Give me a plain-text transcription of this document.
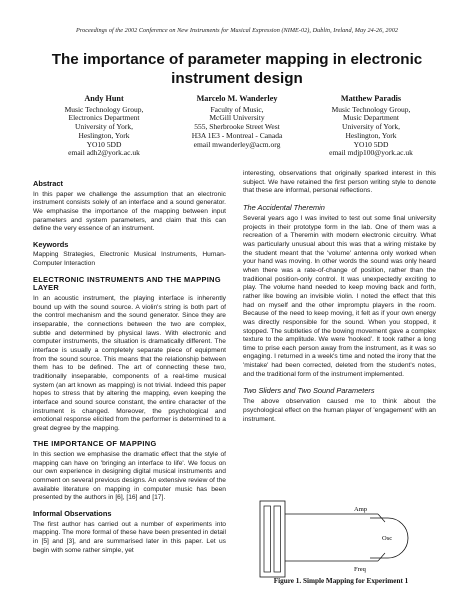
Proceedings of the 2002 Conference on New Instruments for Musical Expression (NIME-02), Dublin, Ireland, May 24-26, 2002
The importance of parameter mapping in electronic instrument design
Andy Hunt
Music Technology Group,
Electronics Department
University of York,
Heslington, York
YO10 5DD
email adh2@york.ac.uk
Marcelo M. Wanderley
Faculty of Music,
McGill University
555, Sherbrooke Street West
H3A 1E3 - Montreal - Canada
email mwanderley@acm.org
Matthew Paradis
Music Technology Group,
Music Department
University of York,
Heslington, York
YO10 5DD
email mdjp100@york.ac.uk
Abstract
In this paper we challenge the assumption that an electronic instrument consists solely of an interface and a sound generator. We emphasise the importance of the mapping between input parameters and system parameters, and claim that this can define the very essence of an instrument.
Keywords
Mapping Strategies, Electronic Musical Instruments, Human-Computer Interaction
ELECTRONIC INSTRUMENTS AND THE MAPPING LAYER
In an acoustic instrument, the playing interface is inherently bound up with the sound source. A violin's string is both part of the control mechanism and the sound generator. Since they are inseparable, the connections between the two are complex, subtle and determined by physical laws. With electronic and computer instruments, the situation is dramatically different. The interface is usually a completely separate piece of equipment from the sound source. This means that the relationship between them has to be defined. The art of connecting these two, traditionally inseparable, components of a real-time musical system (an art known as mapping) is not trivial. Indeed this paper hopes to stress that by altering the mapping, even keeping the interface and sound source constant, the entire character of the instrument is changed. Moreover, the psychological and emotional response elicited from the performer is determined to a great degree by the mapping.
THE IMPORTANCE OF MAPPING
In this section we emphasise the dramatic effect that the style of mapping can have on 'bringing an interface to life'. We focus on our own experience in designing digital musical instruments and comment on several previous designs. An extensive review of the available literature on mapping in computer music has been presented by the authors in [6], [16] and [17].
Informal Observations
The first author has carried out a number of experiments into mapping. The more formal of these have been presented in detail in [5] and [3], and are summarised later in this paper. Let us begin with some rather simple, yet
interesting, observations that originally sparked interest in this subject. We have retained the first person writing style to denote that these are informal, personal reflections.
The Accidental Theremin
Several years ago I was invited to test out some final university projects in their prototype form in the lab. One of them was a recreation of a Theremin with modern electronic circuitry. What was particularly unusual about this was that a wiring mistake by the student meant that the 'volume' antenna only worked when your hand was moving. In other words the sound was only heard when there was a rate-of-change of position, rather than the traditional position-only control. It was unexpectedly exciting to play. The volume hand needed to keep moving back and forth, rather like bowing an invisible violin. I noted the effect that this had on myself and the other impromptu players in the room. Because of the need to keep moving, it felt as if your own energy was directly responsible for the sound. When you stopped, it stopped. The subtleties of the bowing movement gave a complex texture to the amplitude. We were 'hooked'. It took rather a long time to prise each person away from the instrument, as it was so engaging. I returned in a week's time and noted the irony that the 'mistake' had been corrected, deleted from the student's notes, and the traditional form of the instrument implemented.
Two Sliders and Two Sound Parameters
The above observation caused me to think about the psychological effect on the human player of 'engagement' with an instrument.
Amp
Freq
Osc
Figure 1. Simple Mapping for Experiment 1
